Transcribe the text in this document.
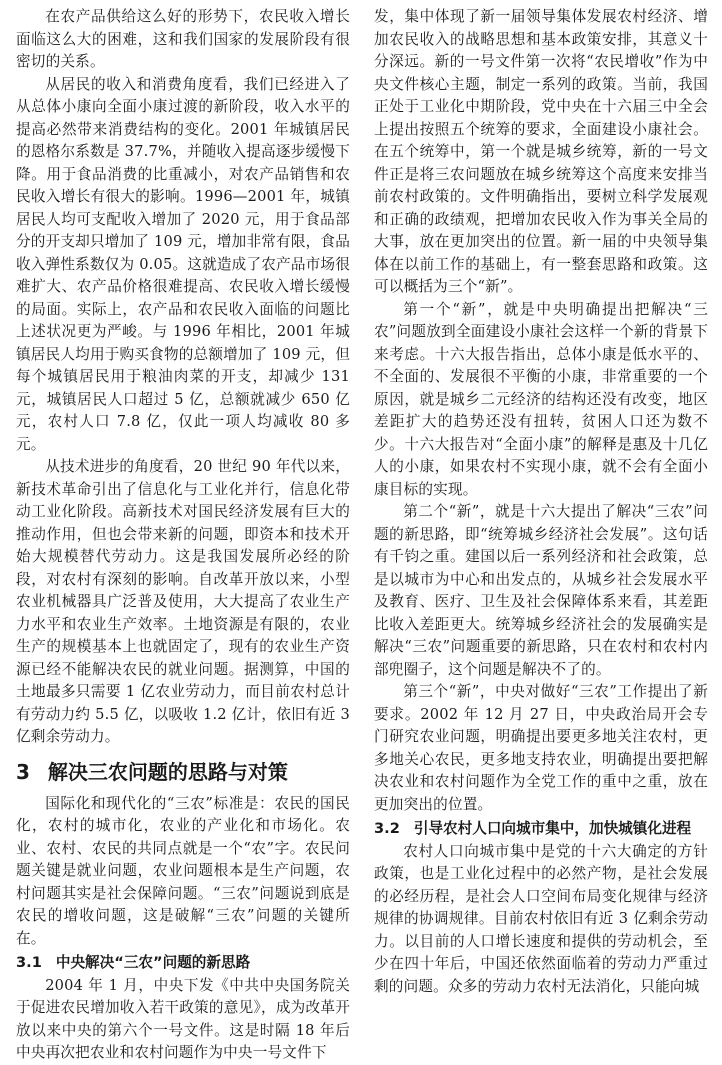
在农产品供给这么好的形势下，农民收入增长面临这么大的困难，这和我们国家的发展阶段有很密切的关系。

从居民的收入和消费角度看，我们已经进入了从总体小康向全面小康过渡的新阶段，收入水平的提高必然带来消费结构的变化。2001 年城镇居民的恩格尔系数是 37.7%，并随收入提高逐步缓慢下降。用于食品消费的比重减小，对农产品销售和农民收入增长有很大的影响。1996—2001 年，城镇居民人均可支配收入增加了 2020 元，用于食品部分的开支却只增加了 109 元，增加非常有限，食品收入弹性系数仅为 0.05。这就造成了农产品市场很难扩大、农产品价格很难提高、农民收入增长缓慢的局面。实际上，农产品和农民收入面临的问题比上述状况更为严峻。与 1996 年相比，2001 年城镇居民人均用于购买食物的总额增加了 109 元，但每个城镇居民用于粮油肉菜的开支，却减少 131 元，城镇居民人口超过 5 亿，总额就减少 650 亿元，农村人口 7.8 亿，仅此一项人均减收 80 多元。

从技术进步的角度看，20 世纪 90 年代以来，新技术革命引出了信息化与工业化并行，信息化带动工业化阶段。高新技术对国民经济发展有巨大的推动作用，但也会带来新的问题，即资本和技术开始大规模替代劳动力。这是我国发展所必经的阶段，对农村有深刻的影响。自改革开放以来，小型农业机械器具广泛普及使用，大大提高了农业生产力水平和农业生产效率。土地资源是有限的，农业生产的规模基本上也就固定了，现有的农业生产资源已经不能解决农民的就业问题。据测算，中国的土地最多只需要 1 亿农业劳动力，而目前农村总计有劳动力约 5.5 亿，以吸收 1.2 亿计，依旧有近 3 亿剩余劳动力。

3 解决三农问题的思路与对策

国际化和现代化的“三农”标准是：农民的国民化，农村的城市化，农业的产业化和市场化。农业、农村、农民的共同点就是一个“农”字。农民问题关键是就业问题，农业问题根本是生产问题，农村问题其实是社会保障问题。“三农”问题说到底是农民的增收问题，这是破解“三农”问题的关键所在。

3.1 中央解决“三农”问题的新思路

2004 年 1 月，中央下发《中共中央国务院关于促进农民增加收入若干政策的意见》，成为改革开放以来中央的第六个一号文件。这是时隔 18 年后中央再次把农业和农村问题作为中央一号文件下

发，集中体现了新一届领导集体发展农村经济、增加农民收入的战略思想和基本政策安排，其意义十分深远。新的一号文件第一次将“农民增收”作为中央文件核心主题，制定一系列的政策。当前，我国正处于工业化中期阶段，党中央在十六届三中全会上提出按照五个统筹的要求，全面建设小康社会。在五个统筹中，第一个就是城乡统筹，新的一号文件正是将三农问题放在城乡统筹这个高度来安排当前农村政策的。文件明确指出，要树立科学发展观和正确的政绩观，把增加农民收入作为事关全局的大事，放在更加突出的位置。新一届的中央领导集体在以前工作的基础上，有一整套思路和政策。这可以概括为三个“新”。

第一个“新”，就是中央明确提出把解决“三农”问题放到全面建设小康社会这样一个新的背景下来考虑。十六大报告指出，总体小康是低水平的、不全面的、发展很不平衡的小康，非常重要的一个原因，就是城乡二元经济的结构还没有改变，地区差距扩大的趋势还没有扭转，贫困人口还为数不少。十六大报告对“全面小康”的解释是惠及十几亿人的小康，如果农村不实现小康，就不会有全面小康目标的实现。

第二个“新”，就是十六大提出了解决“三农”问题的新思路，即“统筹城乡经济社会发展”。这句话有千钧之重。建国以后一系列经济和社会政策，总是以城市为中心和出发点的，从城乡社会发展水平及教育、医疗、卫生及社会保障体系来看，其差距比收入差距更大。统筹城乡经济社会的发展确实是解决“三农”问题重要的新思路，只在农村和农村内部兜圈子，这个问题是解决不了的。

第三个“新”，中央对做好“三农”工作提出了新要求。2002 年 12 月 27 日，中央政治局开会专门研究农业问题，明确提出要更多地关注农村，更多地关心农民，更多地支持农业，明确提出要把解决农业和农村问题作为全党工作的重中之重，放在更加突出的位置。

3.2 引导农村人口向城市集中，加快城镇化进程

农村人口向城市集中是党的十六大确定的方针政策，也是工业化过程中的必然产物，是社会发展的必经历程，是社会人口空间布局变化规律与经济规律的协调规律。目前农村依旧有近 3 亿剩余劳动力。以目前的人口增长速度和提供的劳动机会，至少在四十年后，中国还依然面临着的劳动力严重过剩的问题。众多的劳动力农村无法消化，只能向城
